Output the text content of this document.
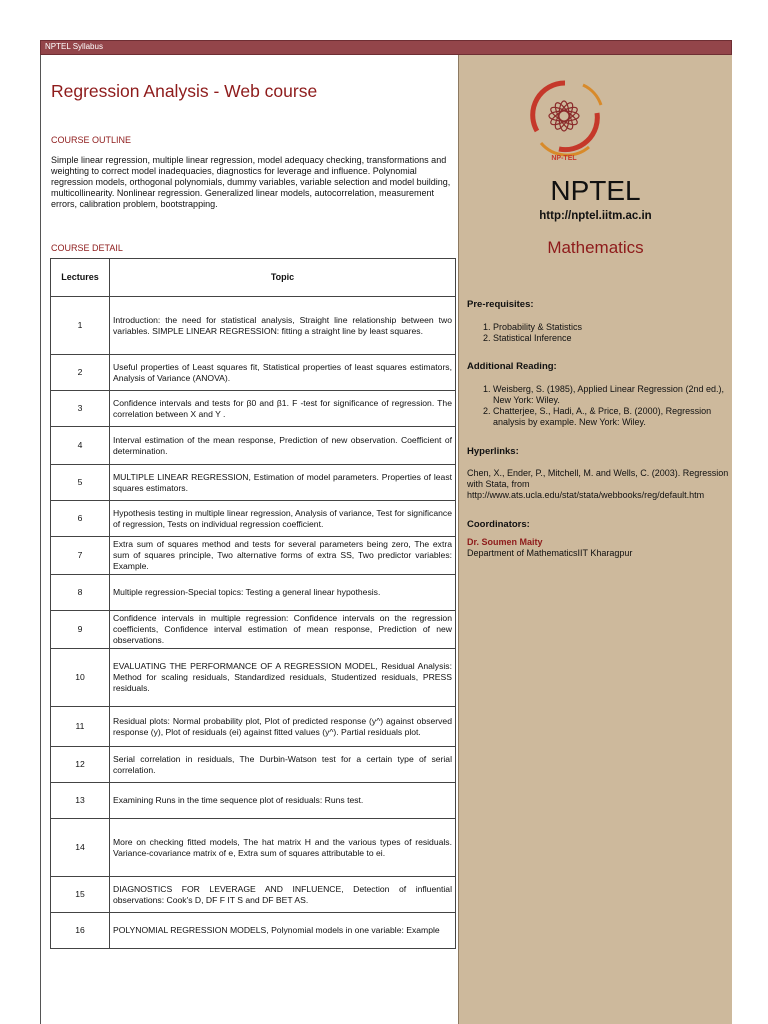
NPTEL Syllabus
Regression Analysis - Web course
COURSE OUTLINE
Simple linear regression, multiple linear regression, model adequacy checking, transformations and weighting to correct model inadequacies, diagnostics for leverage and influence. Polynomial regression models, orthogonal polynomials, dummy variables, variable selection and model building, multicollinearity. Nonlinear regression. Generalized linear models, autocorrelation, measurement errors, calibration problem, bootstrapping.
COURSE DETAIL
Lectures	Topic
1	Introduction: the need for statistical analysis, Straight line relationship between two variables. SIMPLE LINEAR REGRESSION: fitting a straight line by least squares.
2	Useful properties of Least squares fit, Statistical properties of least squares estimators, Analysis of Variance (ANOVA).
3	Confidence intervals and tests for β0 and β1. F -test for significance of regression. The correlation between X and Y .
4	Interval estimation of the mean response, Prediction of new observation. Coefficient of determination.
5	MULTIPLE LINEAR REGRESSION, Estimation of model parameters. Properties of least squares estimators.
6	Hypothesis testing in multiple linear regression, Analysis of variance, Test for significance of regression, Tests on individual regression coefficient.
7	Extra sum of squares method and tests for several parameters being zero, The extra sum of squares principle, Two alternative forms of extra SS, Two predictor variables: Example.
8	Multiple regression-Special topics: Testing a general linear hypothesis.
9	Confidence intervals in multiple regression: Confidence intervals on the regression coefficients, Confidence interval estimation of mean response, Prediction of new observations.
10	EVALUATING THE PERFORMANCE OF A REGRESSION MODEL, Residual Analysis: Method for scaling residuals, Standardized residuals, Studentized residuals, PRESS residuals.
11	Residual plots: Normal probability plot, Plot of predicted response (y^) against observed response (y), Plot of residuals (ei) against fitted values (y^). Partial residuals plot.
12	Serial correlation in residuals, The Durbin-Watson test for a certain type of serial correlation.
13	Examining Runs in the time sequence plot of residuals: Runs test.
14	More on checking fitted models, The hat matrix H and the various types of residuals. Variance-covariance matrix of e, Extra sum of squares attributable to ei.
15	DIAGNOSTICS FOR LEVERAGE AND INFLUENCE, Detection of influential observations: Cook's D, DF F IT S and DF BET AS.
16	POLYNOMIAL REGRESSION MODELS, Polynomial models in one variable: Example
NP-TEL
NPTEL
http://nptel.iitm.ac.in
Mathematics
Pre-requisites:
1. Probability & Statistics
2. Statistical Inference
Additional Reading:
1. Weisberg, S. (1985), Applied Linear Regression (2nd ed.), New York: Wiley.
2. Chatterjee, S., Hadi, A., & Price, B. (2000), Regression analysis by example. New York: Wiley.
Hyperlinks:
Chen, X., Ender, P., Mitchell, M. and Wells, C. (2003). Regression with Stata, from http://www.ats.ucla.edu/stat/stata/webbooks/reg/default.htm
Coordinators:
Dr. Soumen Maity
Department of MathematicsIIT Kharagpur
